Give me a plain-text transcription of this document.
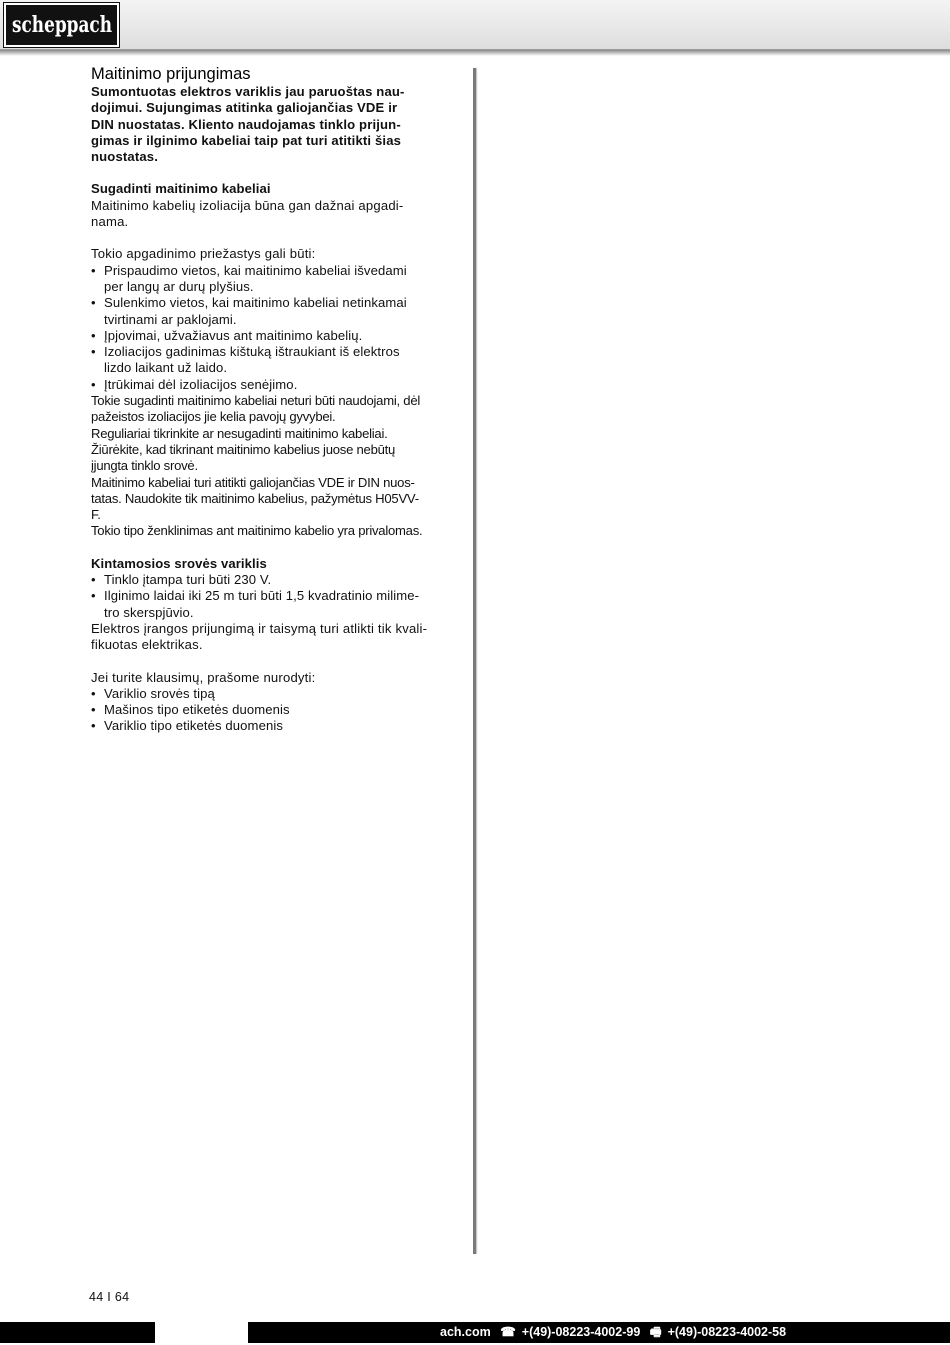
scheppach
Maitinimo prijungimas
Sumontuotas elektros variklis jau paruoštas nau-
dojimui. Sujungimas atitinka galiojančias VDE ir
DIN nuostatas. Kliento naudojamas tinklo prijun-
gimas ir ilginimo kabeliai taip pat turi atitikti šias
nuostatas.
Sugadinti maitinimo kabeliai
Maitinimo kabelių izoliacija būna gan dažnai apgadi-
nama.
Tokio apgadinimo priežastys gali būti:
• Prispaudimo vietos, kai maitinimo kabeliai išvedami
per langų ar durų plyšius.
• Sulenkimo vietos, kai maitinimo kabeliai netinkamai
tvirtinami ar paklojami.
• Įpjovimai, užvažiavus ant maitinimo kabelių.
• Izoliacijos gadinimas kištuką ištraukiant iš elektros
lizdo laikant už laido.
• Įtrūkimai dėl izoliacijos senėjimo.
Tokie sugadinti maitinimo kabeliai neturi būti naudojami, dėl
pažeistos izoliacijos jie kelia pavojų gyvybei.
Reguliariai tikrinkite ar nesugadinti maitinimo kabeliai.
Žiūrėkite, kad tikrinant maitinimo kabelius juose nebūtų
įjungta tinklo srovė.
Maitinimo kabeliai turi atitikti galiojančias VDE ir DIN nuos-
tatas. Naudokite tik maitinimo kabelius, pažymėtus H05VV-
F.
Tokio tipo ženklinimas ant maitinimo kabelio yra privalomas.
Kintamosios srovės variklis
• Tinklo įtampa turi būti 230 V.
• Ilginimo laidai iki 25 m turi būti 1,5 kvadratinio milime-
tro skerspjūvio.
Elektros įrangos prijungimą ir taisymą turi atlikti tik kvali-
fikuotas elektrikas.
Jei turite klausimų, prašome nurodyti:
• Variklio srovės tipą
• Mašinos tipo etiketės duomenis
• Variklio tipo etiketės duomenis
44 I 64
ach.com ☎ +(49)-08223-4002-99 🖷 +(49)-08223-4002-58
